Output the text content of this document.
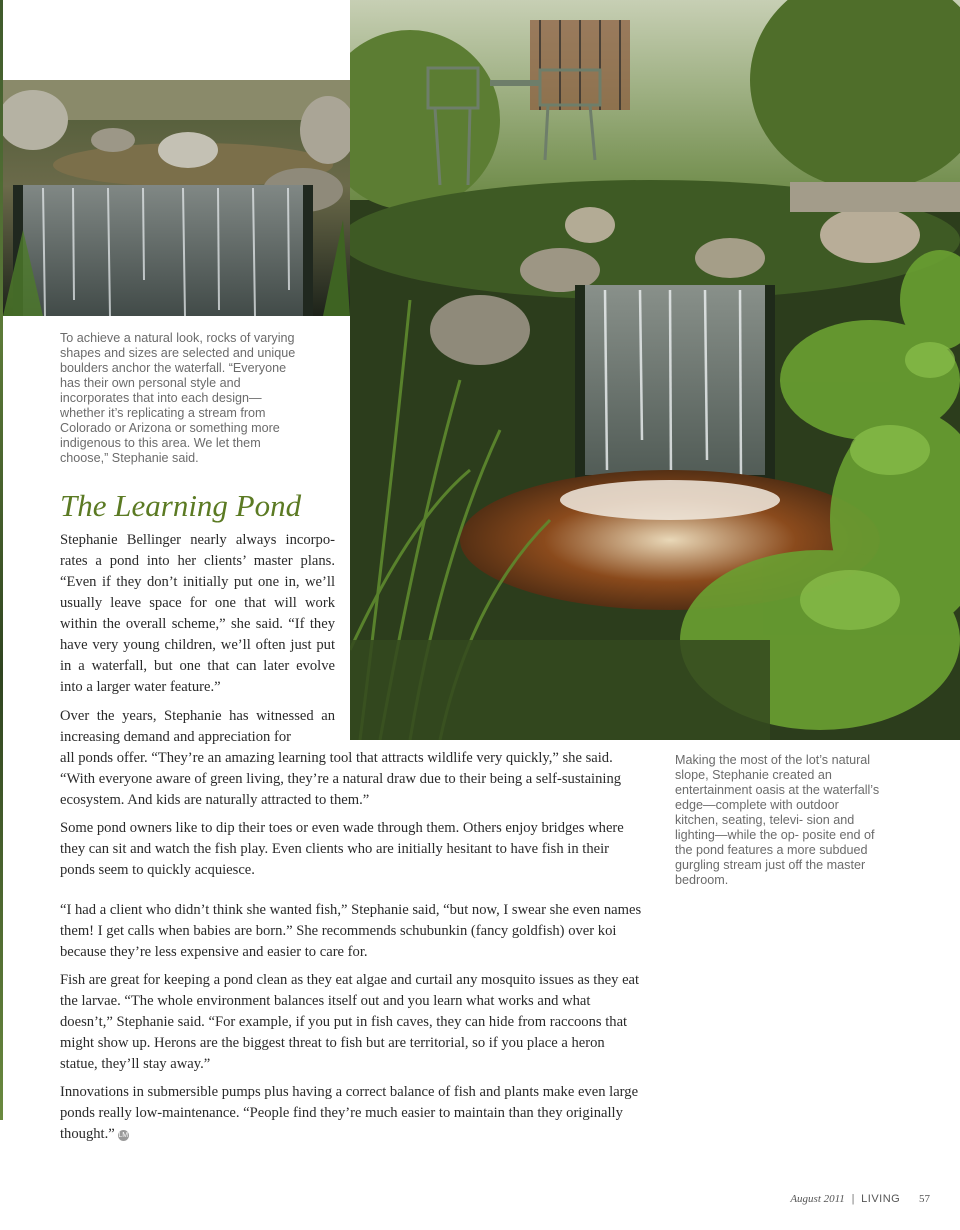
To achieve a natural look, rocks of varying shapes and sizes are selected and unique boulders anchor the waterfall. “Everyone has their own personal style and incorporates that into each design—whether it’s replicating a stream from Colorado or Arizona or something more indigenous to this area. We let them choose,” Stephanie said.

Making the most of the lot’s natural slope, Stephanie created an entertainment oasis at the waterfall’s edge—complete with outdoor kitchen, seating, televi- sion and lighting—while the op- posite end of the pond features a more subdued gurgling stream just off the master bedroom.

The Learning Pond

Stephanie Bellinger nearly always incorpo- rates a pond into her clients’ master plans. “Even if they don’t initially put one in, we’ll usually leave space for one that will work within the overall scheme,” she said. “If they have very young children, we’ll often just put in a waterfall, but one that can later evolve into a larger water feature.”

Over the years, Stephanie has witnessed an increasing demand and appreciation for

all ponds offer. “They’re an amazing learning tool that attracts wildlife very quickly,” she said. “With everyone aware of green living, they’re a natural draw due to their being a self-sustaining ecosystem. And kids are naturally attracted to them.”

Some pond owners like to dip their toes or even wade through them. Others enjoy bridges where they can sit and watch the fish play. Even clients who are initially hesitant to have fish in their ponds seem to quickly acquiesce.

“I had a client who didn’t think she wanted fish,” Stephanie said, “but now, I swear she even names them! I get calls when babies are born.” She recommends schubunkin (fancy goldfish) over koi because they’re less expensive and easier to care for.

Fish are great for keeping a pond clean as they eat algae and curtail any mosquito issues as they eat the larvae. “The whole environment balances itself out and you learn what works and what doesn’t,” Stephanie said. “For example, if you put in fish caves, they can hide from raccoons that might show up. Herons are the biggest threat to fish but are territorial, so if you place a heron statue, they’ll stay away.”

Innovations in submersible pumps plus having a correct balance of fish and plants make even large ponds really low-maintenance. “People find they’re much easier to maintain than they originally thought.” LM

August 2011 | LIVING 57
